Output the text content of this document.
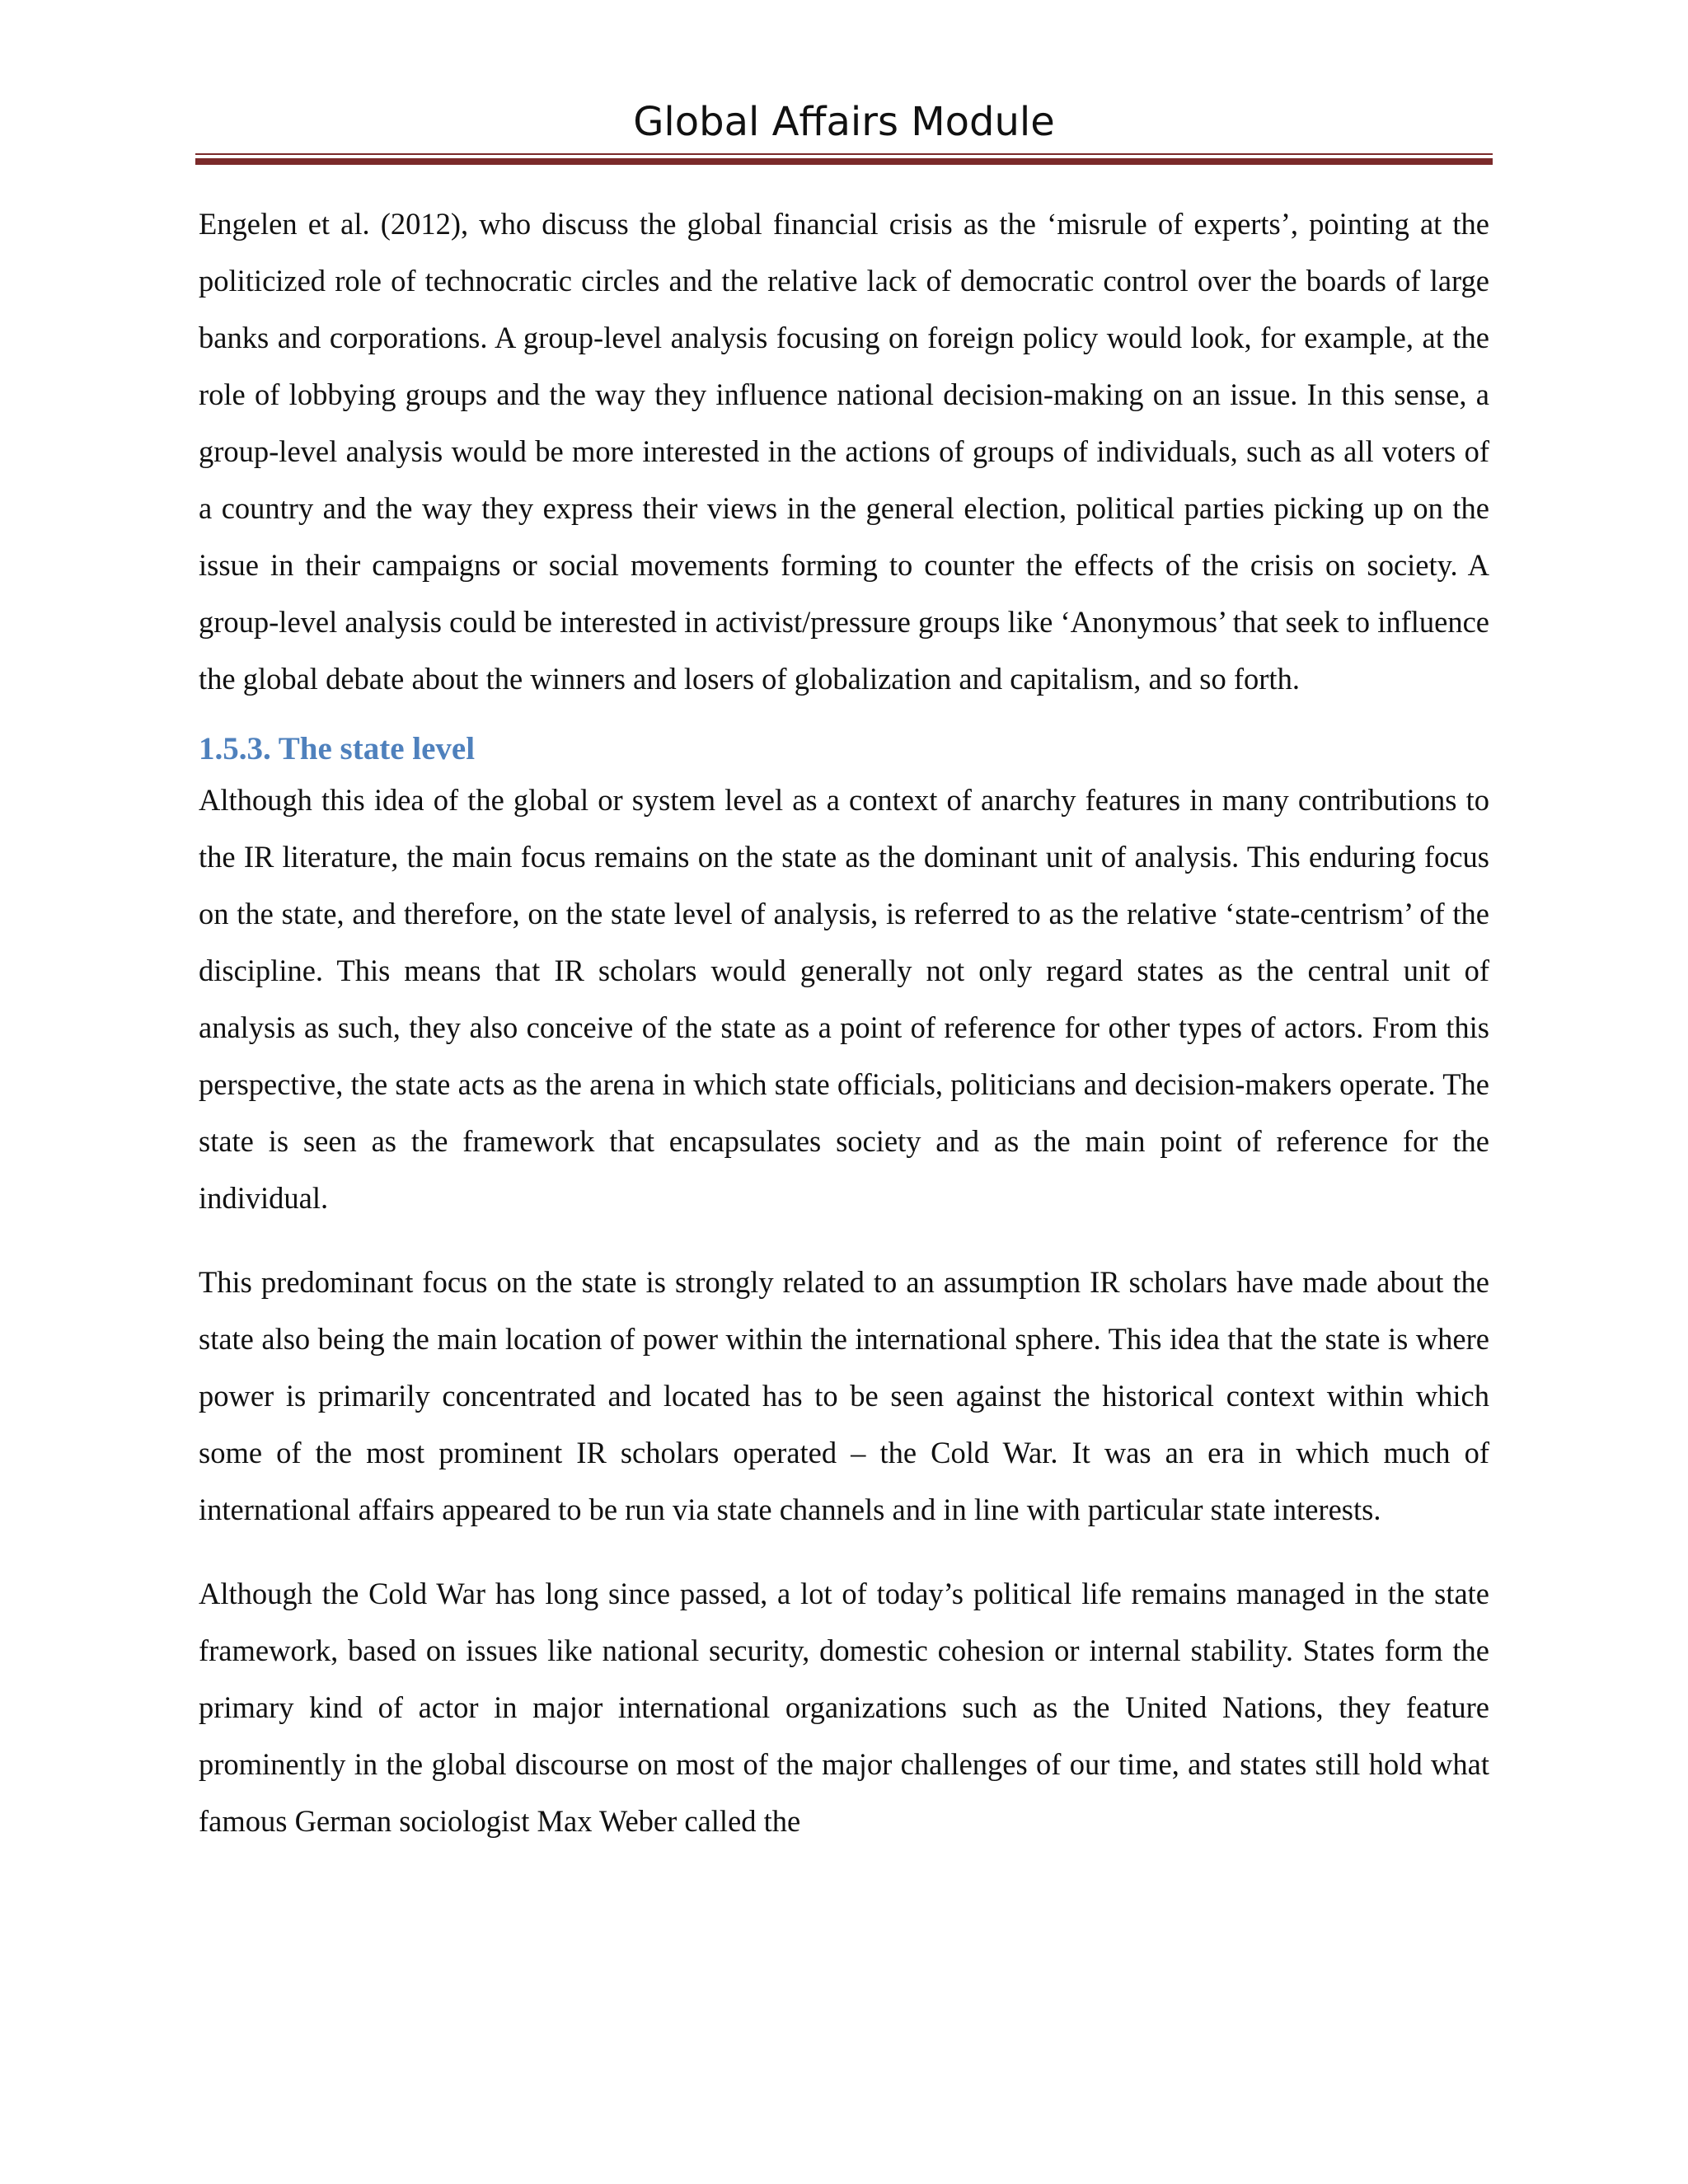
Global Affairs Module

Engelen et al. (2012), who discuss the global financial crisis as the ‘misrule of experts’, pointing at the politicized role of technocratic circles and the relative lack of democratic control over the boards of large banks and corporations. A group-level analysis focusing on foreign policy would look, for example, at the role of lobbying groups and the way they influence national decision-making on an issue. In this sense, a group-level analysis would be more interested in the actions of groups of individuals, such as all voters of a country and the way they express their views in the general election, political parties picking up on the issue in their campaigns or social movements forming to counter the effects of the crisis on society. A group-level analysis could be interested in activist/pressure groups like ‘Anonymous’ that seek to influence the global debate about the winners and losers of globalization and capitalism, and so forth.

1.5.3. The state level

Although this idea of the global or system level as a context of anarchy features in many contributions to the IR literature, the main focus remains on the state as the dominant unit of analysis. This enduring focus on the state, and therefore, on the state level of analysis, is referred to as the relative ‘state-centrism’ of the discipline. This means that IR scholars would generally not only regard states as the central unit of analysis as such, they also conceive of the state as a point of reference for other types of actors. From this perspective, the state acts as the arena in which state officials, politicians and decision-makers operate. The state is seen as the framework that encapsulates society and as the main point of reference for the individual.

This predominant focus on the state is strongly related to an assumption IR scholars have made about the state also being the main location of power within the international sphere. This idea that the state is where power is primarily concentrated and located has to be seen against the historical context within which some of the most prominent IR scholars operated – the Cold War. It was an era in which much of international affairs appeared to be run via state channels and in line with particular state interests.

Although the Cold War has long since passed, a lot of today’s political life remains managed in the state framework, based on issues like national security, domestic cohesion or internal stability. States form the primary kind of actor in major international organizations such as the United Nations, they feature prominently in the global discourse on most of the major challenges of our time, and states still hold what famous German sociologist Max Weber called the
